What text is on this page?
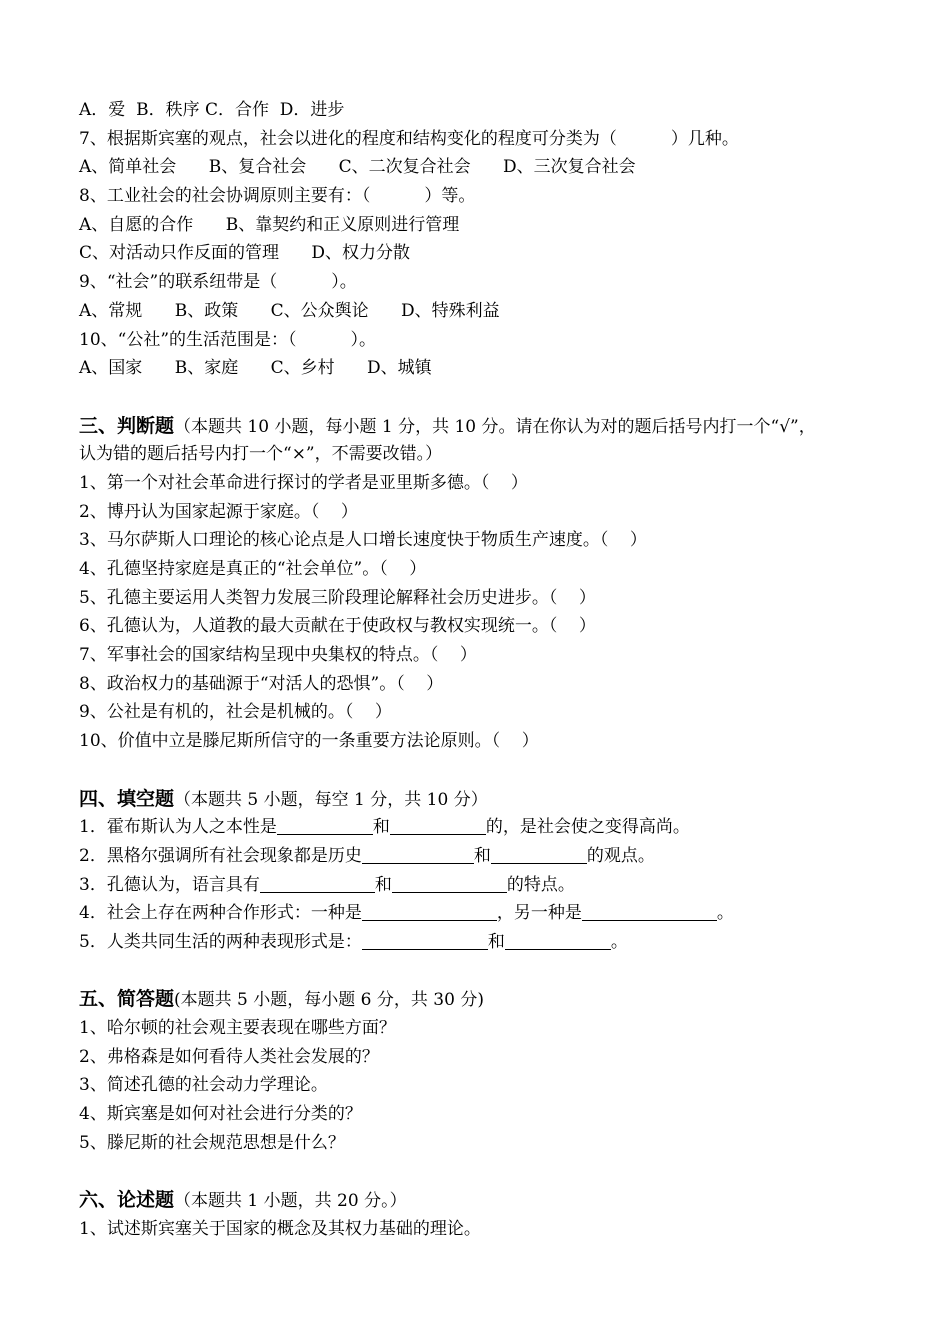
A．爱  B．秩序 C．合作  D．进步
7、根据斯宾塞的观点，社会以进化的程度和结构变化的程度可分类为（          ）几种。
A、简单社会      B、复合社会      C、二次复合社会      D、三次复合社会
8、工业社会的社会协调原则主要有：（          ）等。
A、自愿的合作      B、靠契约和正义原则进行管理
C、对活动只作反面的管理      D、权力分散
9、“社会”的联系纽带是（          ）。
A、常规      B、政策      C、公众舆论      D、特殊利益
10、“公社”的生活范围是：（          ）。
A、国家      B、家庭      C、乡村      D、城镇
三、判断题（本题共 10 小题，每小题 1 分，共 10 分。请在你认为对的题后括号内打一个“√”，
认为错的题后括号内打一个“×”，不需要改错。）
1、第一个对社会革命进行探讨的学者是亚里斯多德。（    ）
2、博丹认为国家起源于家庭。（    ）
3、马尔萨斯人口理论的核心论点是人口增长速度快于物质生产速度。（    ）
4、孔德坚持家庭是真正的“社会单位”。（    ）
5、孔德主要运用人类智力发展三阶段理论解释社会历史进步。（    ）
6、孔德认为，人道教的最大贡献在于使政权与教权实现统一。（    ）
7、军事社会的国家结构呈现中央集权的特点。（    ）
8、政治权力的基础源于“对活人的恐惧”。（    ）
9、公社是有机的，社会是机械的。（    ）
10、价值中立是滕尼斯所信守的一条重要方法论原则。（    ）
四、填空题（本题共 5 小题，每空 1 分，共 10 分）
1．霍布斯认为人之本性是	和	的，是社会使之变得高尚。
2．黑格尔强调所有社会现象都是历史	和	的观点。
3．孔德认为，语言具有	和	的特点。
4．社会上存在两种合作形式：一种是	，另一种是	。
5．人类共同生活的两种表现形式是：	和	。
五、简答题(本题共 5 小题，每小题 6 分，共 30 分)
1、哈尔顿的社会观主要表现在哪些方面？
2、弗格森是如何看待人类社会发展的？
3、简述孔德的社会动力学理论。
4、斯宾塞是如何对社会进行分类的？
5、滕尼斯的社会规范思想是什么？
六、论述题（本题共 1 小题，共 20 分。）
1、试述斯宾塞关于国家的概念及其权力基础的理论。
